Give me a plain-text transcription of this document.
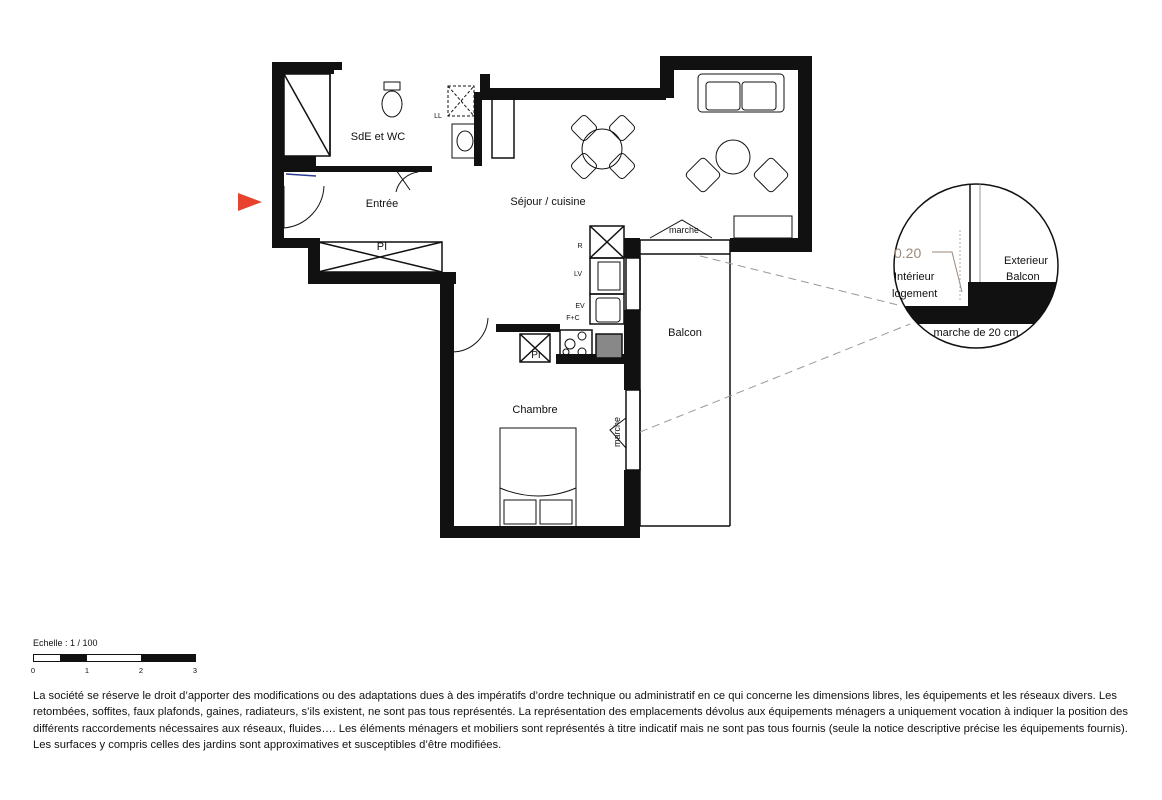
SdE et WC
Entrée	Séjour / cuisine
Chambre
Balcon
PI
PI
LL
R
LV
EV
F+C
marche
marche
0.20
Intérieur
logement
Exterieur
Balcon
marche de 20 cm
Echelle : 1 / 100
0	1	2	3

La société se réserve le droit d’apporter des modifications ou des adaptations dues à des impératifs d’ordre technique ou administratif en ce qui concerne les dimensions libres, les équipements et les réseaux divers. Les retombées, soffites, faux plafonds, gaines, radiateurs, s’ils existent, ne sont pas tous représentés. La représentation des emplacements dévolus aux équipements ménagers a uniquement vocation à indiquer la position des différents raccordements nécessaires aux réseaux, fluides…. Les éléments ménagers et mobiliers sont représentés à titre indicatif mais ne sont pas tous fournis (seule la notice descriptive précise les équipements fournis).

Les surfaces y compris celles des jardins sont approximatives et susceptibles d’être modifiées.
